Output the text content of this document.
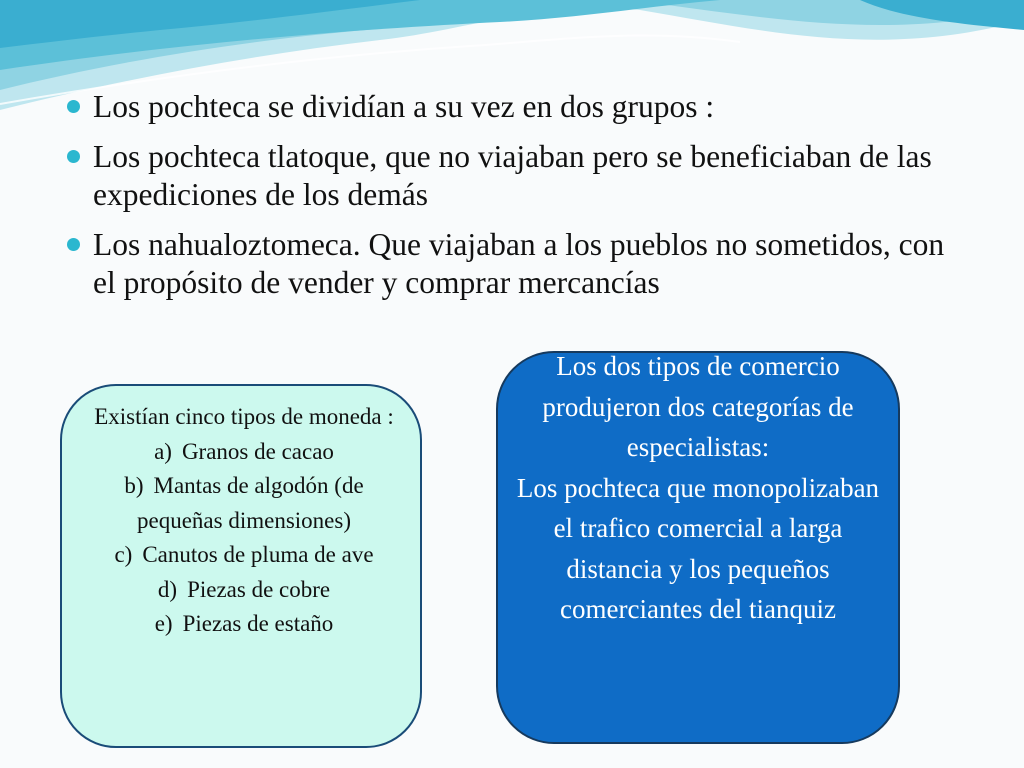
Los pochteca se dividían a su vez en dos grupos :
Los pochteca tlatoque, que no viajaban pero se beneficiaban de las expediciones de los demás
Los nahualoztomeca. Que viajaban a los pueblos no sometidos, con el propósito de vender y comprar mercancías
Existían cinco tipos de moneda :
a) Granos de cacao
b) Mantas de algodón (de pequeñas dimensiones)
c) Canutos de pluma de ave
d) Piezas de cobre
e) Piezas de estaño
Los dos tipos de comercio produjeron dos categorías de especialistas:
Los pochteca que monopolizaban el trafico comercial a larga distancia y los pequeños comerciantes del tianquiz
